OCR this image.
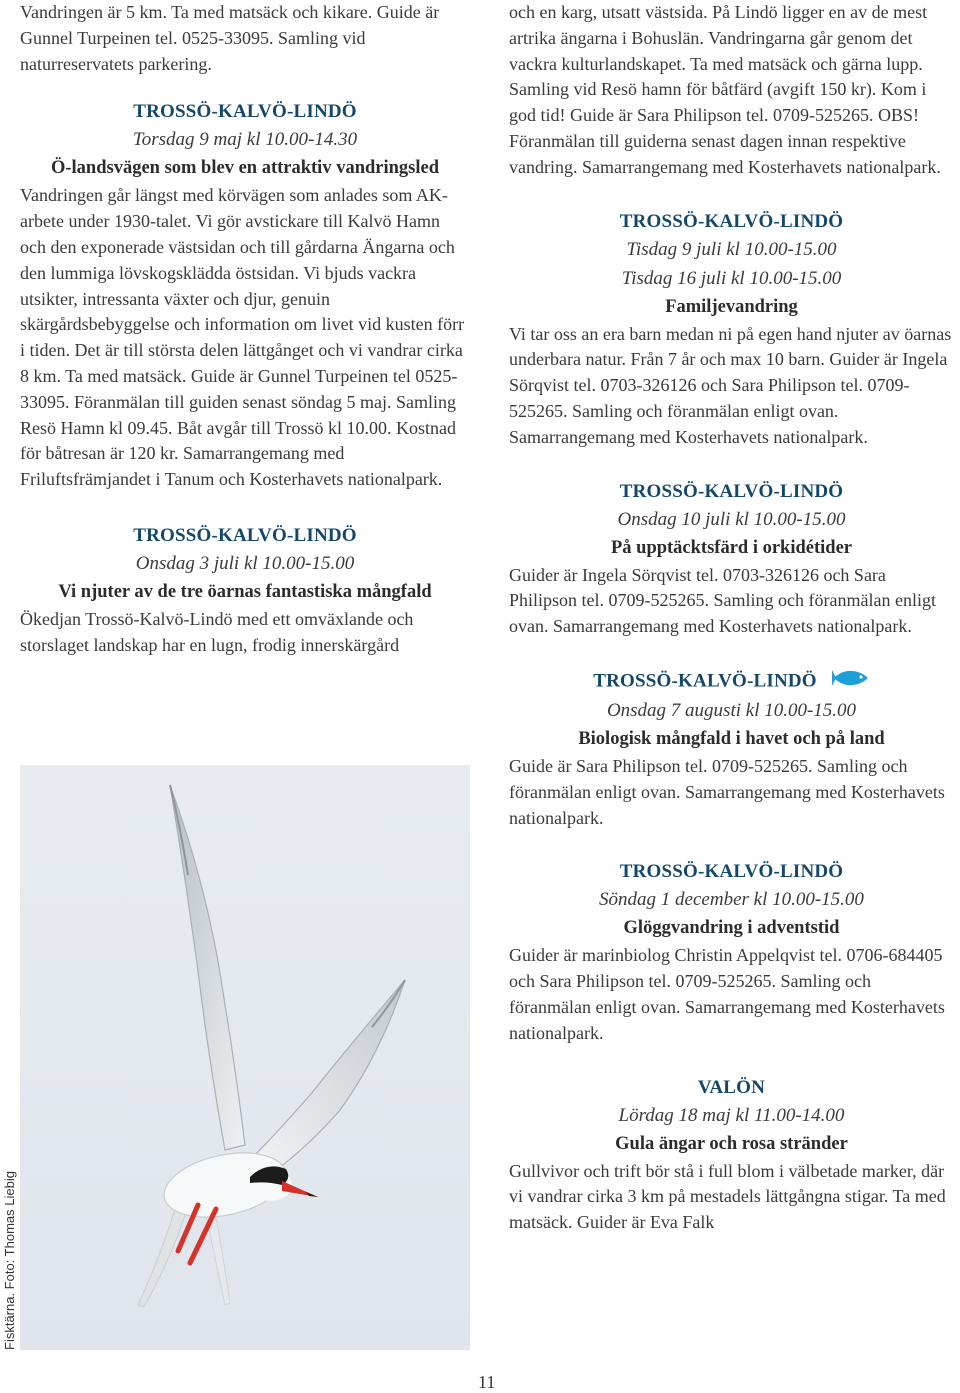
Vandringen är 5 km. Ta med matsäck och kikare. Guide är Gunnel Turpeinen tel. 0525-33095. Samling vid naturreservatets parkering.

TROSSÖ-KALVÖ-LINDÖ
Torsdag 9 maj kl 10.00-14.30
Ö-landsvägen som blev en attraktiv vandringsled

Vandringen går längst med körvägen som anlades som AK-arbete under 1930-talet. Vi gör avstickare till Kalvö Hamn och den exponerade västsidan och till gårdarna Ängarna och den lummiga lövskogsklädda östsidan. Vi bjuds vackra utsikter, intressanta växter och djur, genuin skärgårdsbebyggelse och information om livet vid kusten förr i tiden. Det är till största delen lättgånget och vi vandrar cirka 8 km. Ta med matsäck. Guide är Gunnel Turpeinen tel 0525-33095. Föranmälan till guiden senast söndag 5 maj. Samling Resö Hamn kl 09.45. Båt avgår till Trossö kl 10.00. Kostnad för båtresan är 120 kr. Samarrangemang med Friluftsfrämjandet i Tanum och Kosterhavets nationalpark.

TROSSÖ-KALVÖ-LINDÖ
Onsdag 3 juli kl 10.00-15.00
Vi njuter av de tre öarnas fantastiska mångfald

Ökedjan Trossö-Kalvö-Lindö med ett omväxlande och storslaget landskap har en lugn, frodig innerskärgård

Fisktärna. Foto: Thomas Liebig

och en karg, utsatt västsida. På Lindö ligger en av de mest artrika ängarna i Bohuslän. Vandringarna går genom det vackra kulturlandskapet. Ta med matsäck och gärna lupp. Samling vid Resö hamn för båtfärd (avgift 150 kr). Kom i god tid! Guide är Sara Philipson tel. 0709-525265. OBS! Föranmälan till guiderna senast dagen innan respektive vandring. Samarrangemang med Kosterhavets nationalpark.

TROSSÖ-KALVÖ-LINDÖ
Tisdag 9 juli kl 10.00-15.00
Tisdag 16 juli kl 10.00-15.00
Familjevandring

Vi tar oss an era barn medan ni på egen hand njuter av öarnas underbara natur. Från 7 år och max 10 barn. Guider är Ingela Sörqvist tel. 0703-326126 och Sara Philipson tel. 0709-525265. Samling och föranmälan enligt ovan. Samarrangemang med Kosterhavets nationalpark.

TROSSÖ-KALVÖ-LINDÖ
Onsdag 10 juli kl 10.00-15.00
På upptäcktsfärd i orkidétider

Guider är Ingela Sörqvist tel. 0703-326126 och Sara Philipson tel. 0709-525265. Samling och föranmälan enligt ovan. Samarrangemang med Kosterhavets nationalpark.

TROSSÖ-KALVÖ-LINDÖ
Onsdag 7 augusti kl 10.00-15.00
Biologisk mångfald i havet och på land

Guide är Sara Philipson tel. 0709-525265. Samling och föranmälan enligt ovan. Samarrangemang med Kosterhavets nationalpark.

TROSSÖ-KALVÖ-LINDÖ
Söndag 1 december kl 10.00-15.00
Glöggvandring i adventstid

Guider är marinbiolog Christin Appelqvist tel. 0706-684405 och Sara Philipson tel. 0709-525265. Samling och föranmälan enligt ovan. Samarrangemang med Kosterhavets nationalpark.

VALÖN
Lördag 18 maj kl 11.00-14.00
Gula ängar och rosa stränder

Gullvivor och trift bör stå i full blom i välbetade marker, där vi vandrar cirka 3 km på mestadels lättgångna stigar. Ta med matsäck. Guider är Eva Falk

11
